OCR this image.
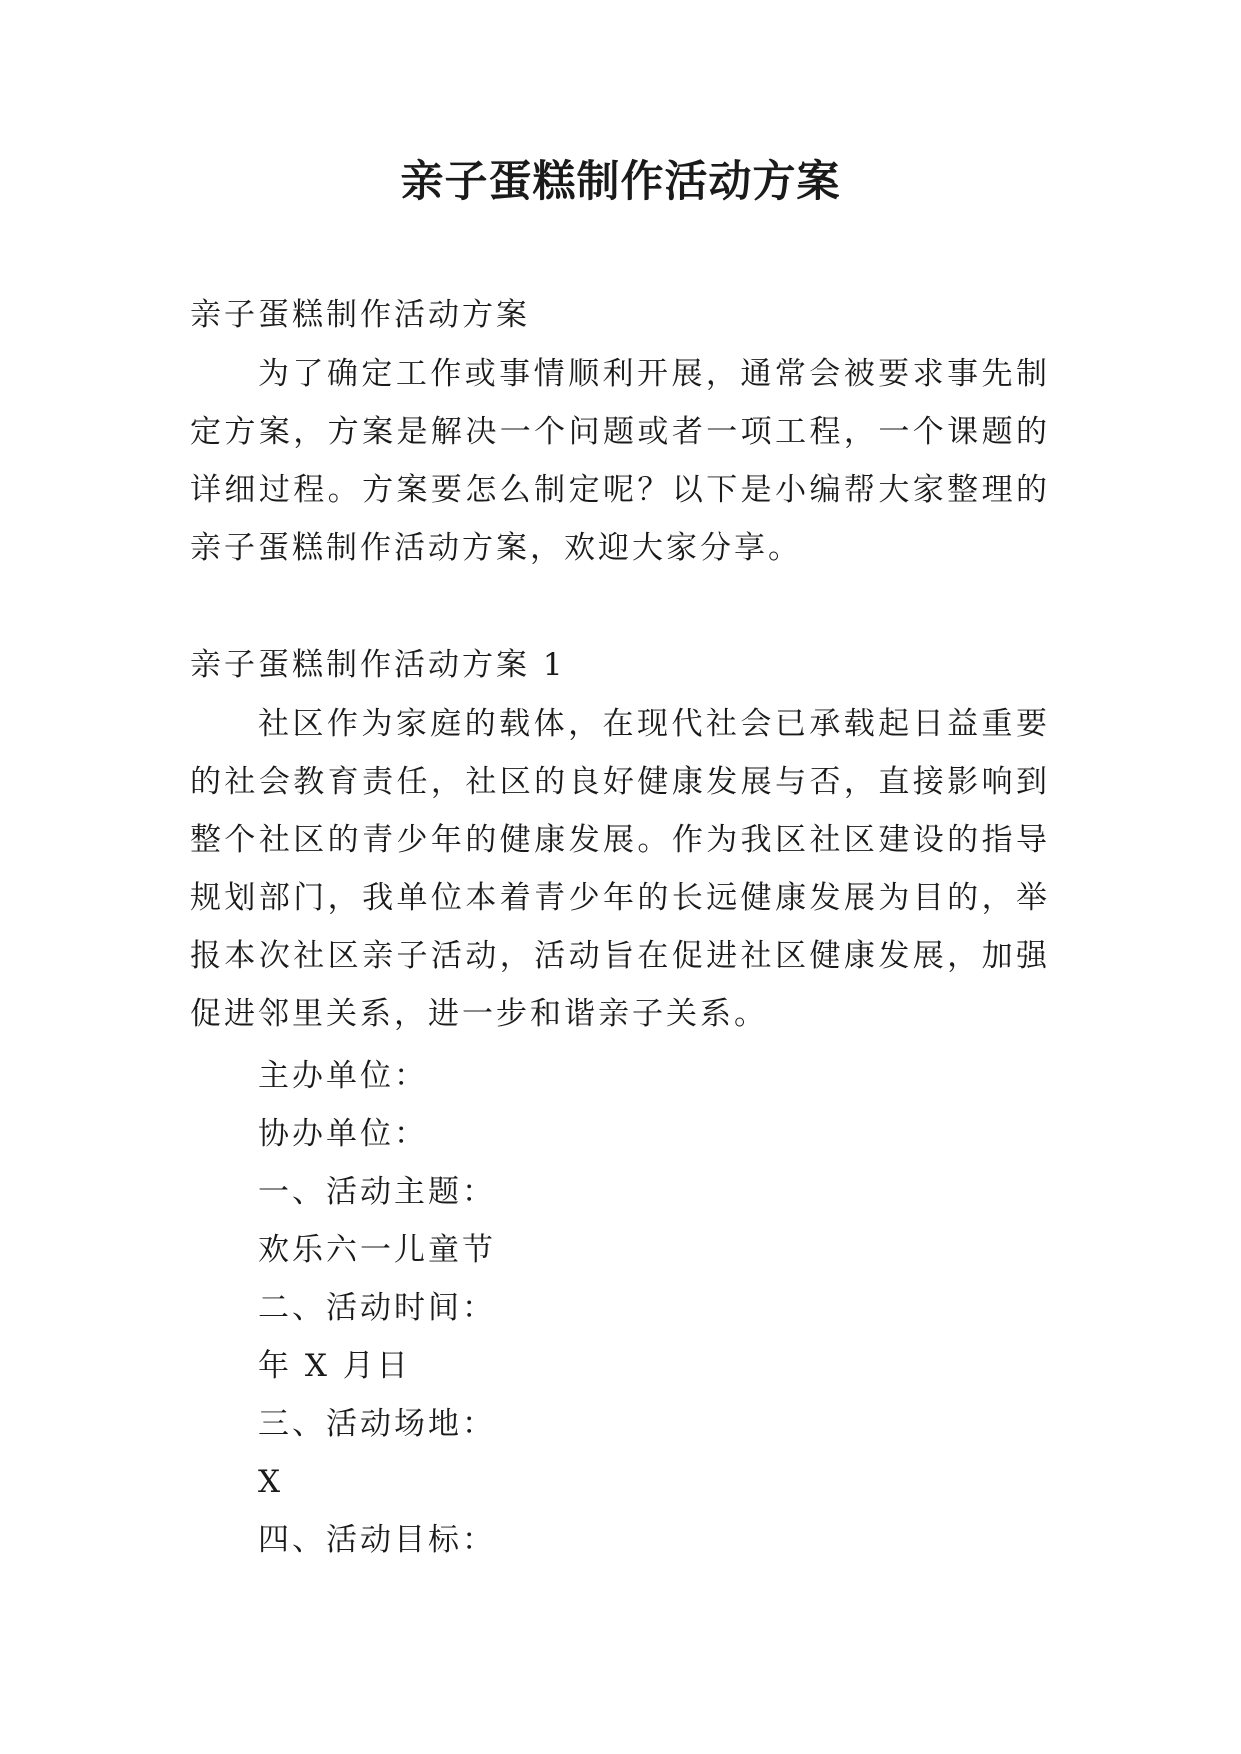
亲子蛋糕制作活动方案

亲子蛋糕制作活动方案

为了确定工作或事情顺利开展，通常会被要求事先制定方案，方案是解决一个问题或者一项工程，一个课题的详细过程。方案要怎么制定呢？以下是小编帮大家整理的亲子蛋糕制作活动方案，欢迎大家分享。

亲子蛋糕制作活动方案 1

社区作为家庭的载体，在现代社会已承载起日益重要的社会教育责任，社区的良好健康发展与否，直接影响到整个社区的青少年的健康发展。作为我区社区建设的指导规划部门，我单位本着青少年的长远健康发展为目的，举报本次社区亲子活动，活动旨在促进社区健康发展，加强促进邻里关系，进一步和谐亲子关系。

主办单位：
协办单位：
一、活动主题：
欢乐六一儿童节
二、活动时间：
年 X 月日
三、活动场地：
X
四、活动目标：
